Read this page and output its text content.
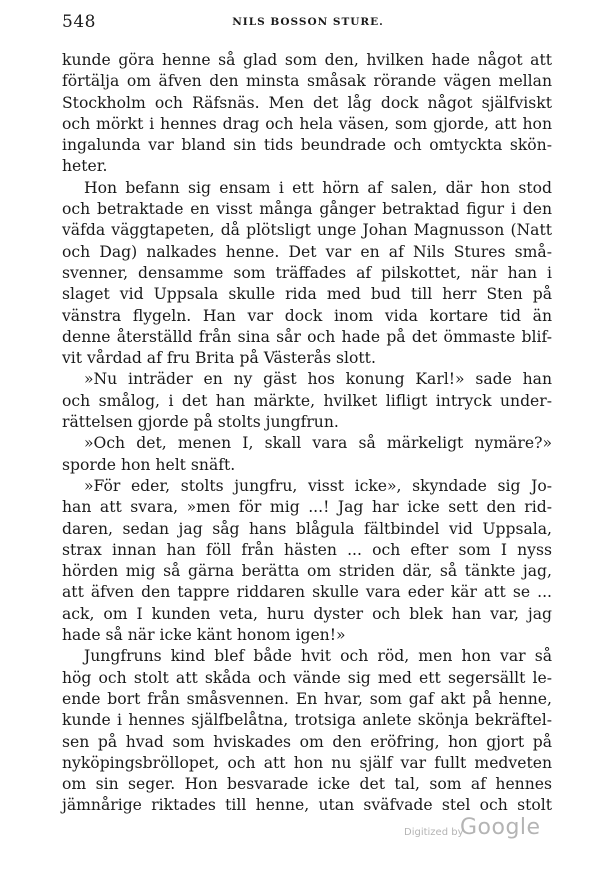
548	NILS BOSSON STURE.
kunde göra henne så glad som den, hvilken hade något att
förtälja om äfven den minsta småsak rörande vägen mellan
Stockholm och Räfsnäs. Men det låg dock något själfviskt
och mörkt i hennes drag och hela väsen, som gjorde, att hon
ingalunda var bland sin tids beundrade och omtyckta skön-
heter.
Hon befann sig ensam i ett hörn af salen, där hon stod
och betraktade en visst många gånger betraktad figur i den
väfda väggtapeten, då plötsligt unge Johan Magnusson (Natt
och Dag) nalkades henne. Det var en af Nils Stures små-
svenner, densamme som träffades af pilskottet, när han i
slaget vid Uppsala skulle rida med bud till herr Sten på
vänstra flygeln. Han var dock inom vida kortare tid än
denne återställd från sina sår och hade på det ömmaste blif-
vit vårdad af fru Brita på Västerås slott.
»Nu inträder en ny gäst hos konung Karl!» sade han
och smålog, i det han märkte, hvilket lifligt intryck under-
rättelsen gjorde på stolts jungfrun.
»Och det, menen I, skall vara så märkeligt nymäre?»
sporde hon helt snäft.
»För eder, stolts jungfru, visst icke», skyndade sig Jo-
han att svara, »men för mig ...! Jag har icke sett den rid-
daren, sedan jag såg hans blågula fältbindel vid Uppsala,
strax innan han föll från hästen ... och efter som I nyss
hörden mig så gärna berätta om striden där, så tänkte jag,
att äfven den tappre riddaren skulle vara eder kär att se ...
ack, om I kunden veta, huru dyster och blek han var, jag
hade så när icke känt honom igen!»
Jungfruns kind blef både hvit och röd, men hon var så
hög och stolt att skåda och vände sig med ett segersällt le-
ende bort från småsvennen. En hvar, som gaf akt på henne,
kunde i hennes själfbelåtna, trotsiga anlete skönja bekräftel-
sen på hvad som hviskades om den eröfring, hon gjort på
nyköpingsbröllopet, och att hon nu själf var fullt medveten
om sin seger. Hon besvarade icke det tal, som af hennes
jämnårige riktades till henne, utan sväfvade stel och stolt
Digitized by
Google
